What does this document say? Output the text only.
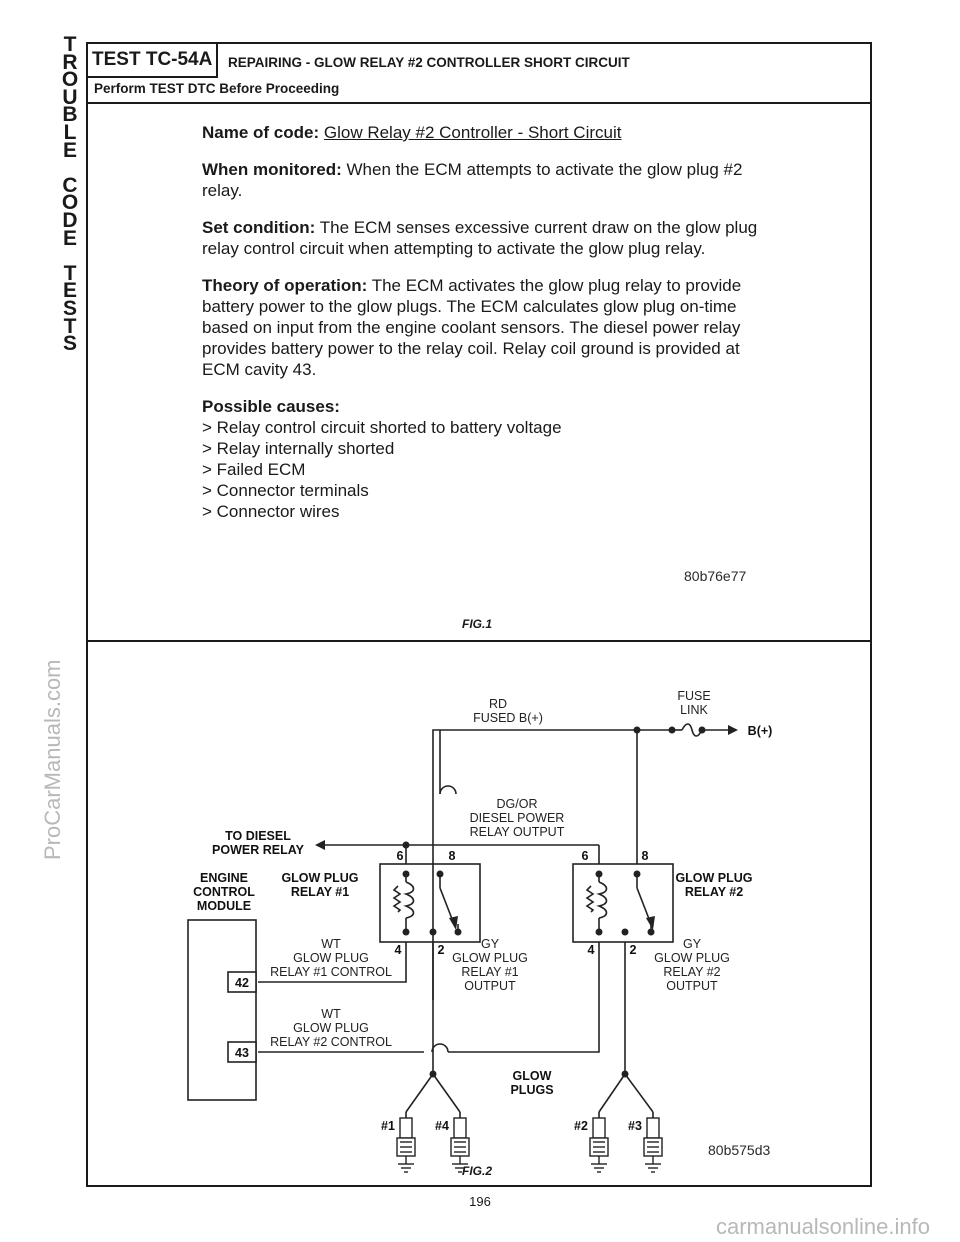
T
R
O
U
B
L
E
C
O
D
E
T
E
S
T
S
ProCarManuals.com
TEST TC-54A	REPAIRING - GLOW RELAY #2 CONTROLLER SHORT CIRCUIT
Perform TEST DTC Before Proceeding

Name of code: Glow Relay #2 Controller - Short Circuit

When monitored: When the ECM attempts to activate the glow plug #2 relay.

Set condition: The ECM senses excessive current draw on the glow plug relay control circuit when attempting to activate the glow plug relay.

Theory of operation: The ECM activates the glow plug relay to provide battery power to the glow plugs. The ECM calculates glow plug on-time based on input from the engine coolant sensors. The diesel power relay provides battery power to the relay coil. Relay coil ground is provided at ECM cavity 43.

Possible causes:
> Relay control circuit shorted to battery voltage
> Relay internally shorted
> Failed ECM
> Connector terminals
> Connector wires
80b76e77
FIG.1
RD
FUSED B(+)
FUSE
LINK
DG/OR
DIESEL POWER
RELAY OUTPUT
WT
GLOW PLUG
RELAY #1 CONTROL
WT
GLOW PLUG
RELAY #2 CONTROL
GY
GLOW PLUG
RELAY #1
OUTPUT
GY
GLOW PLUG
RELAY #2
OUTPUT
B(+)
TO DIESEL
POWER RELAY
ENGINE
CONTROL
MODULE
GLOW PLUG
RELAY #1
GLOW PLUG
RELAY #2
6	8	6	8
4	2	4	2
42
43
GLOW
PLUGS
#1	#4	#2	#3
80b575d3
FIG.2
196
carmanualsonline.info
